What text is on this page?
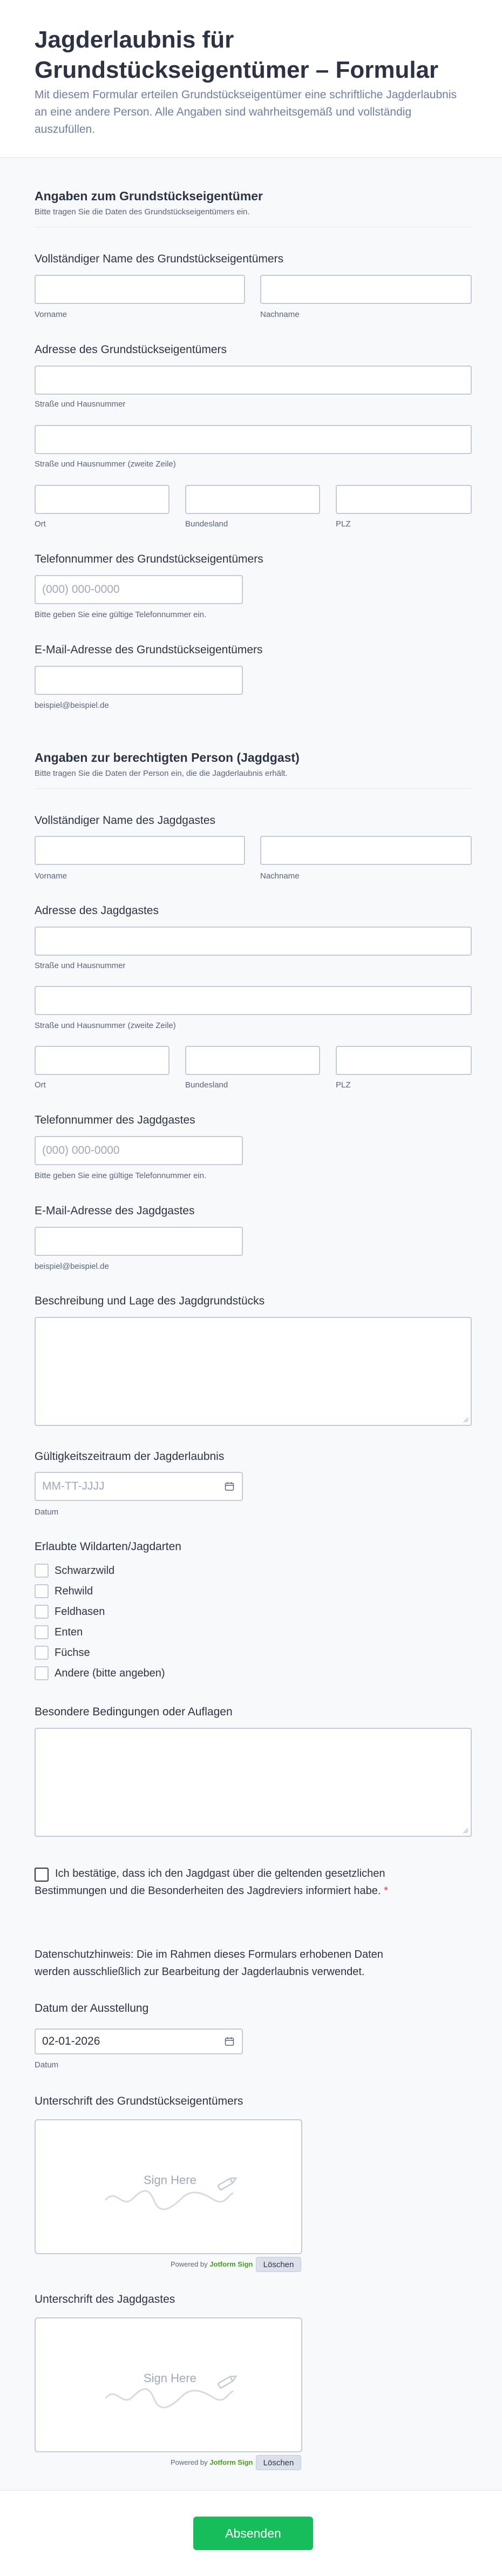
Jagderlaubnis für Grundstückseigentümer – Formular
Mit diesem Formular erteilen Grundstückseigentümer eine schriftliche Jagderlaubnis an eine andere Person. Alle Angaben sind wahrheitsgemäß und vollständig auszufüllen.
Angaben zum Grundstückseigentümer
Bitte tragen Sie die Daten des Grundstückseigentümers ein.
Vollständiger Name des Grundstückseigentümers
Vorname	Nachname
Adresse des Grundstückseigentümers
Straße und Hausnummer
Straße und Hausnummer (zweite Zeile)
Ort	Bundesland	PLZ
Telefonnummer des Grundstückseigentümers
(000) 000-0000
Bitte geben Sie eine gültige Telefonnummer ein.
E-Mail-Adresse des Grundstückseigentümers
beispiel@beispiel.de
Angaben zur berechtigten Person (Jagdgast)
Bitte tragen Sie die Daten der Person ein, die die Jagderlaubnis erhält.
Vollständiger Name des Jagdgastes
Vorname	Nachname
Adresse des Jagdgastes
Straße und Hausnummer
Straße und Hausnummer (zweite Zeile)
Ort	Bundesland	PLZ
Telefonnummer des Jagdgastes
(000) 000-0000
Bitte geben Sie eine gültige Telefonnummer ein.
E-Mail-Adresse des Jagdgastes
beispiel@beispiel.de
Beschreibung und Lage des Jagdgrundstücks
Gültigkeitszeitraum der Jagderlaubnis
MM-TT-JJJJ
Datum
Erlaubte Wildarten/Jagdarten
Schwarzwild
Rehwild
Feldhasen
Enten
Füchse
Andere (bitte angeben)
Besondere Bedingungen oder Auflagen
Ich bestätige, dass ich den Jagdgast über die geltenden gesetzlichen Bestimmungen und die Besonderheiten des Jagdreviers informiert habe. *
Datenschutzhinweis: Die im Rahmen dieses Formulars erhobenen Daten werden ausschließlich zur Bearbeitung der Jagderlaubnis verwendet.
Datum der Ausstellung
02-01-2026
Datum
Unterschrift des Grundstückseigentümers
Sign Here
Powered by Jotform Sign	Löschen
Unterschrift des Jagdgastes
Sign Here
Powered by Jotform Sign	Löschen
Absenden
